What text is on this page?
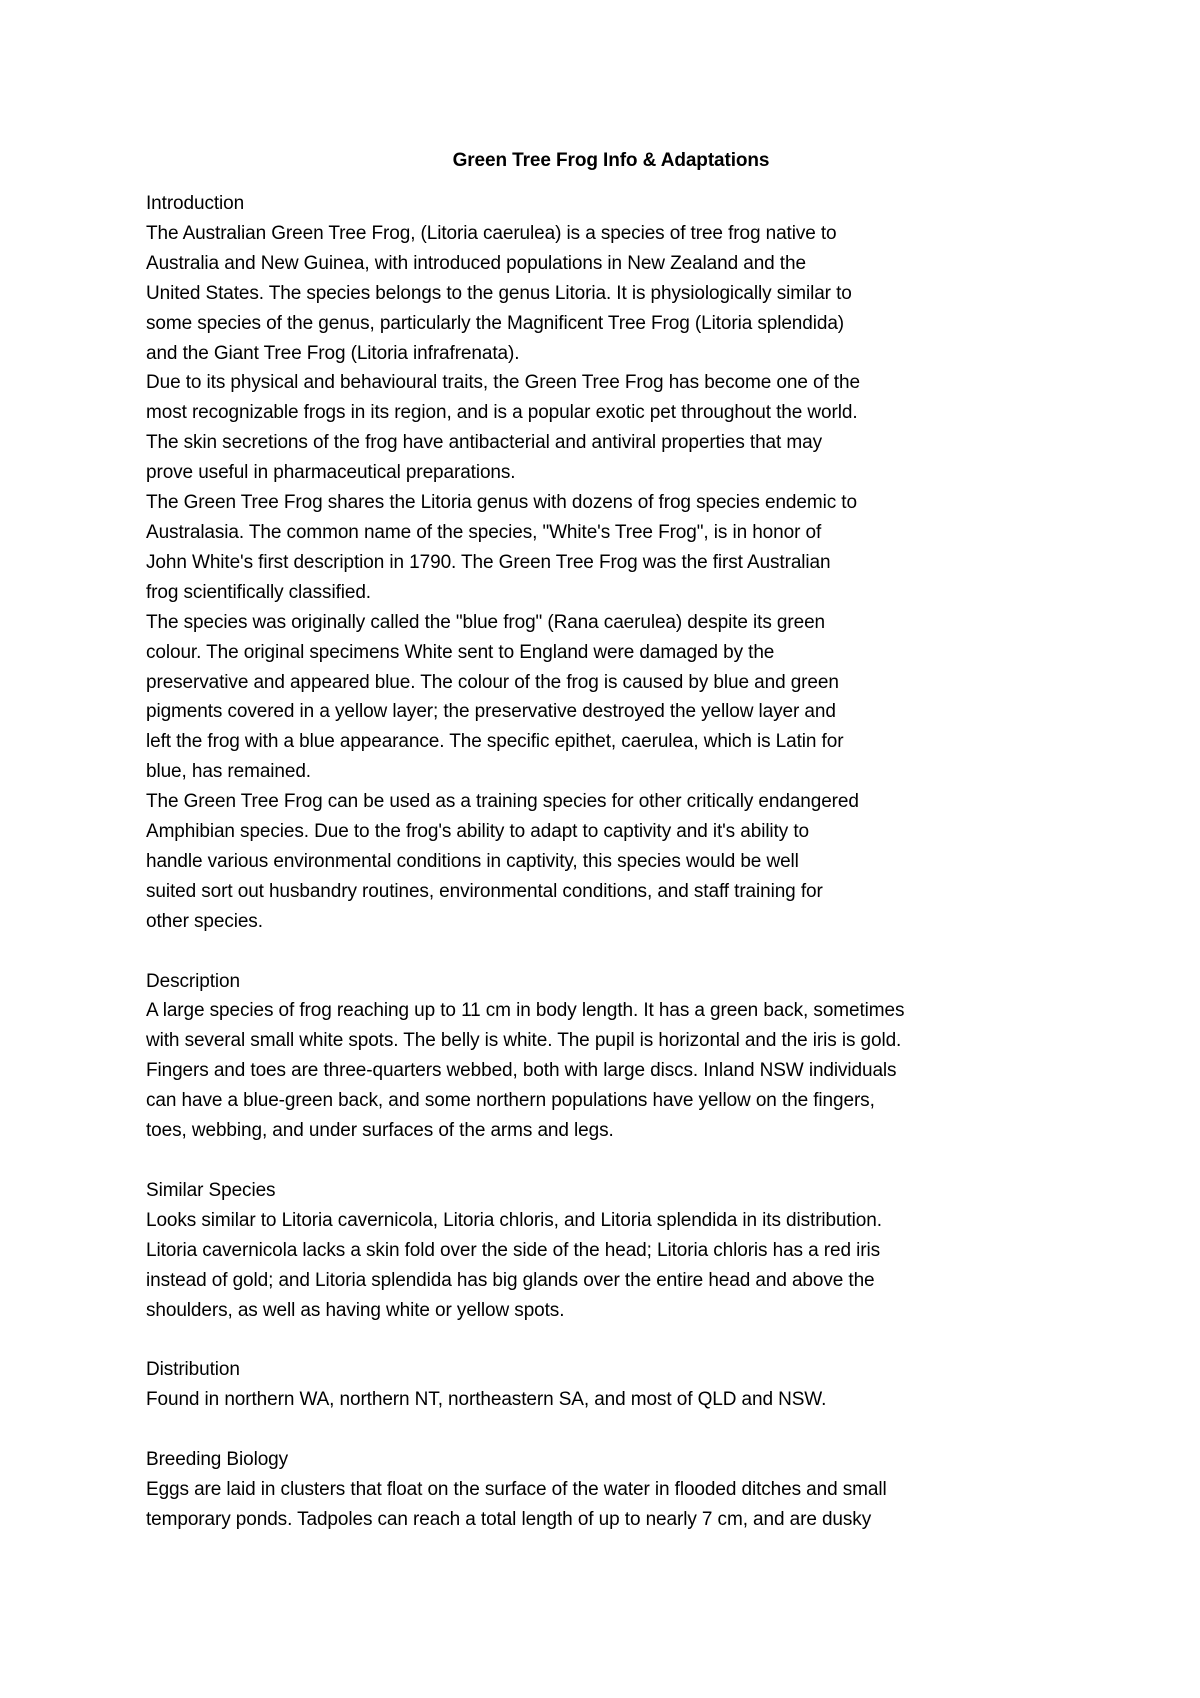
Green Tree Frog Info & Adaptations
Introduction

The Australian Green Tree Frog, (Litoria caerulea) is a species of tree frog native to
Australia and New Guinea, with introduced populations in New Zealand and the
United States. The species belongs to the genus Litoria. It is physiologically similar to
some species of the genus, particularly the Magnificent Tree Frog (Litoria splendida)
and the Giant Tree Frog (Litoria infrafrenata).

Due to its physical and behavioural traits, the Green Tree Frog has become one of the
most recognizable frogs in its region, and is a popular exotic pet throughout the world.
The skin secretions of the frog have antibacterial and antiviral properties that may
prove useful in pharmaceutical preparations.

The Green Tree Frog shares the Litoria genus with dozens of frog species endemic to
Australasia. The common name of the species, "White's Tree Frog", is in honor of
John White's first description in 1790. The Green Tree Frog was the first Australian
frog scientifically classified.

The species was originally called the "blue frog" (Rana caerulea) despite its green
colour. The original specimens White sent to England were damaged by the
preservative and appeared blue. The colour of the frog is caused by blue and green
pigments covered in a yellow layer; the preservative destroyed the yellow layer and
left the frog with a blue appearance. The specific epithet, caerulea, which is Latin for
blue, has remained.

The Green Tree Frog can be used as a training species for other critically endangered
Amphibian species. Due to the frog's ability to adapt to captivity and it's ability to
handle various environmental conditions in captivity, this species would be well
suited sort out husbandry routines, environmental conditions, and staff training for
other species.

Description

A large species of frog reaching up to 11 cm in body length. It has a green back, sometimes
with several small white spots. The belly is white. The pupil is horizontal and the iris is gold.
Fingers and toes are three-quarters webbed, both with large discs. Inland NSW individuals
can have a blue-green back, and some northern populations have yellow on the fingers,
toes, webbing, and under surfaces of the arms and legs.

Similar Species

Looks similar to Litoria cavernicola, Litoria chloris, and Litoria splendida in its distribution.
Litoria cavernicola lacks a skin fold over the side of the head; Litoria chloris has a red iris
instead of gold; and Litoria splendida has big glands over the entire head and above the
shoulders, as well as having white or yellow spots.

Distribution

Found in northern WA, northern NT, northeastern SA, and most of QLD and NSW.

Breeding Biology

Eggs are laid in clusters that float on the surface of the water in flooded ditches and small
temporary ponds. Tadpoles can reach a total length of up to nearly 7 cm, and are dusky
